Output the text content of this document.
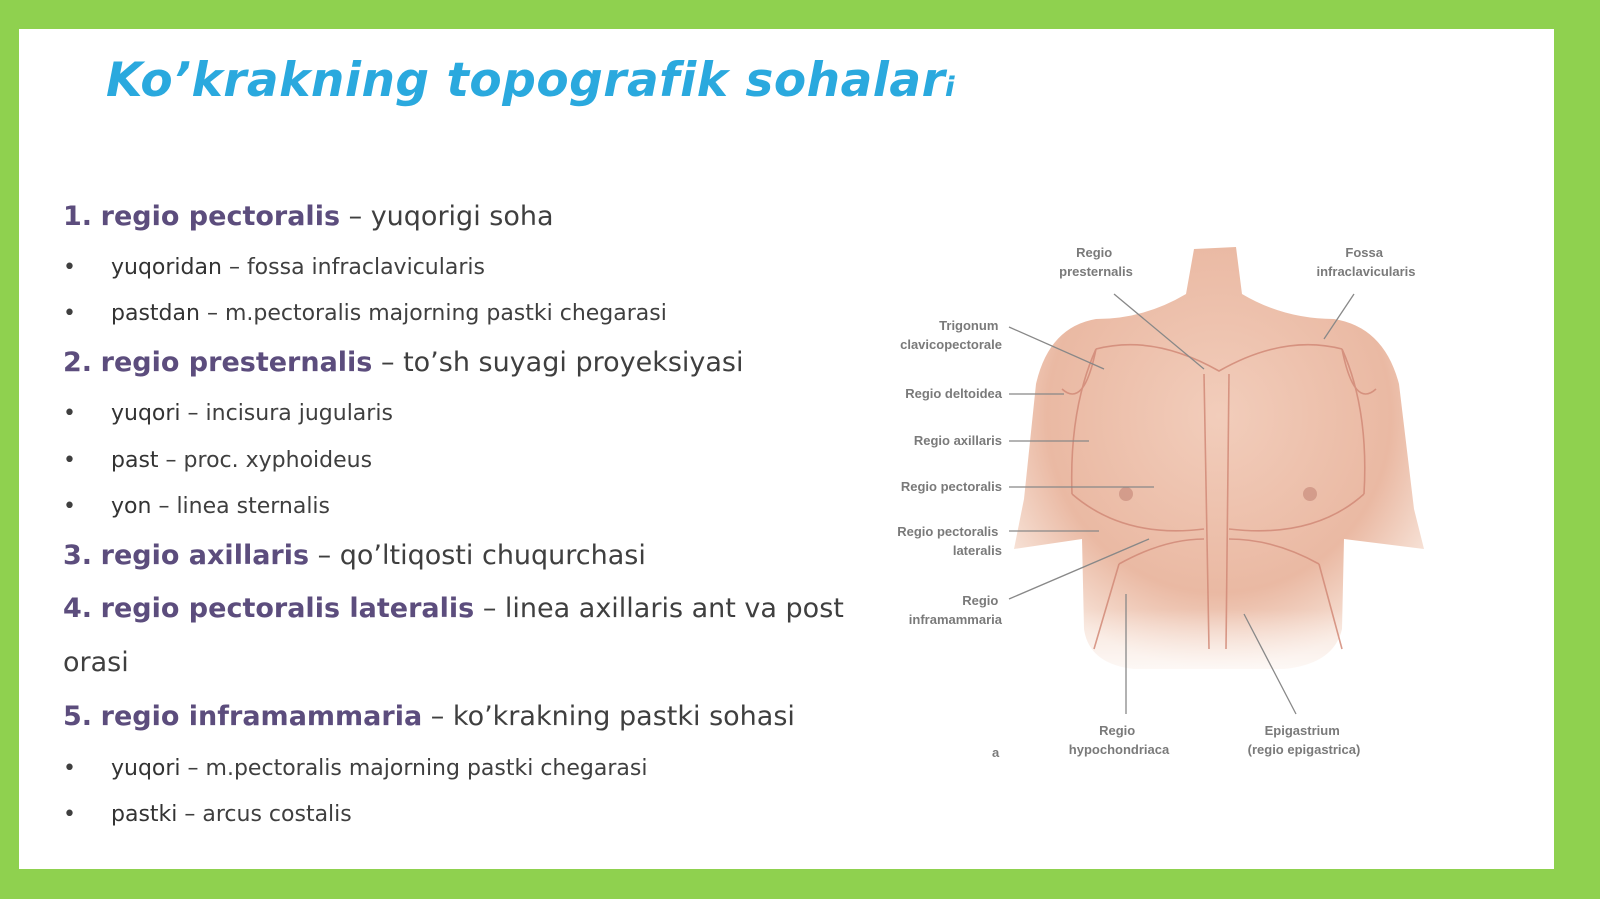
Ko’krakning topografik sohalarᵢ
1. regio pectoralis – yuqorigi soha
• yuqoridan – fossa infraclavicularis
• pastdan – m.pectoralis majorning pastki chegarasi
2. regio presternalis – to’sh suyagi proyeksiyasi
• yuqori – incisura jugularis
• past – proc. xyphoideus
• yon – linea sternalis
3. regio axillaris – qo’ltiqosti chuqurchasi
4. regio pectoralis lateralis – linea axillaris ant va post
orasi
5. regio inframammaria – ko’krakning pastki sohasi
• yuqori – m.pectoralis majorning pastki chegarasi
• pastki – arcus costalis
Regio presternalis
Fossa infraclavicularis
Trigonum clavicopectorale
Regio deltoidea
Regio axillaris
Regio pectoralis
Regio pectoralis lateralis
Regio inframammaria
Regio hypochondriaca
Epigastrium (regio epigastrica)
a
